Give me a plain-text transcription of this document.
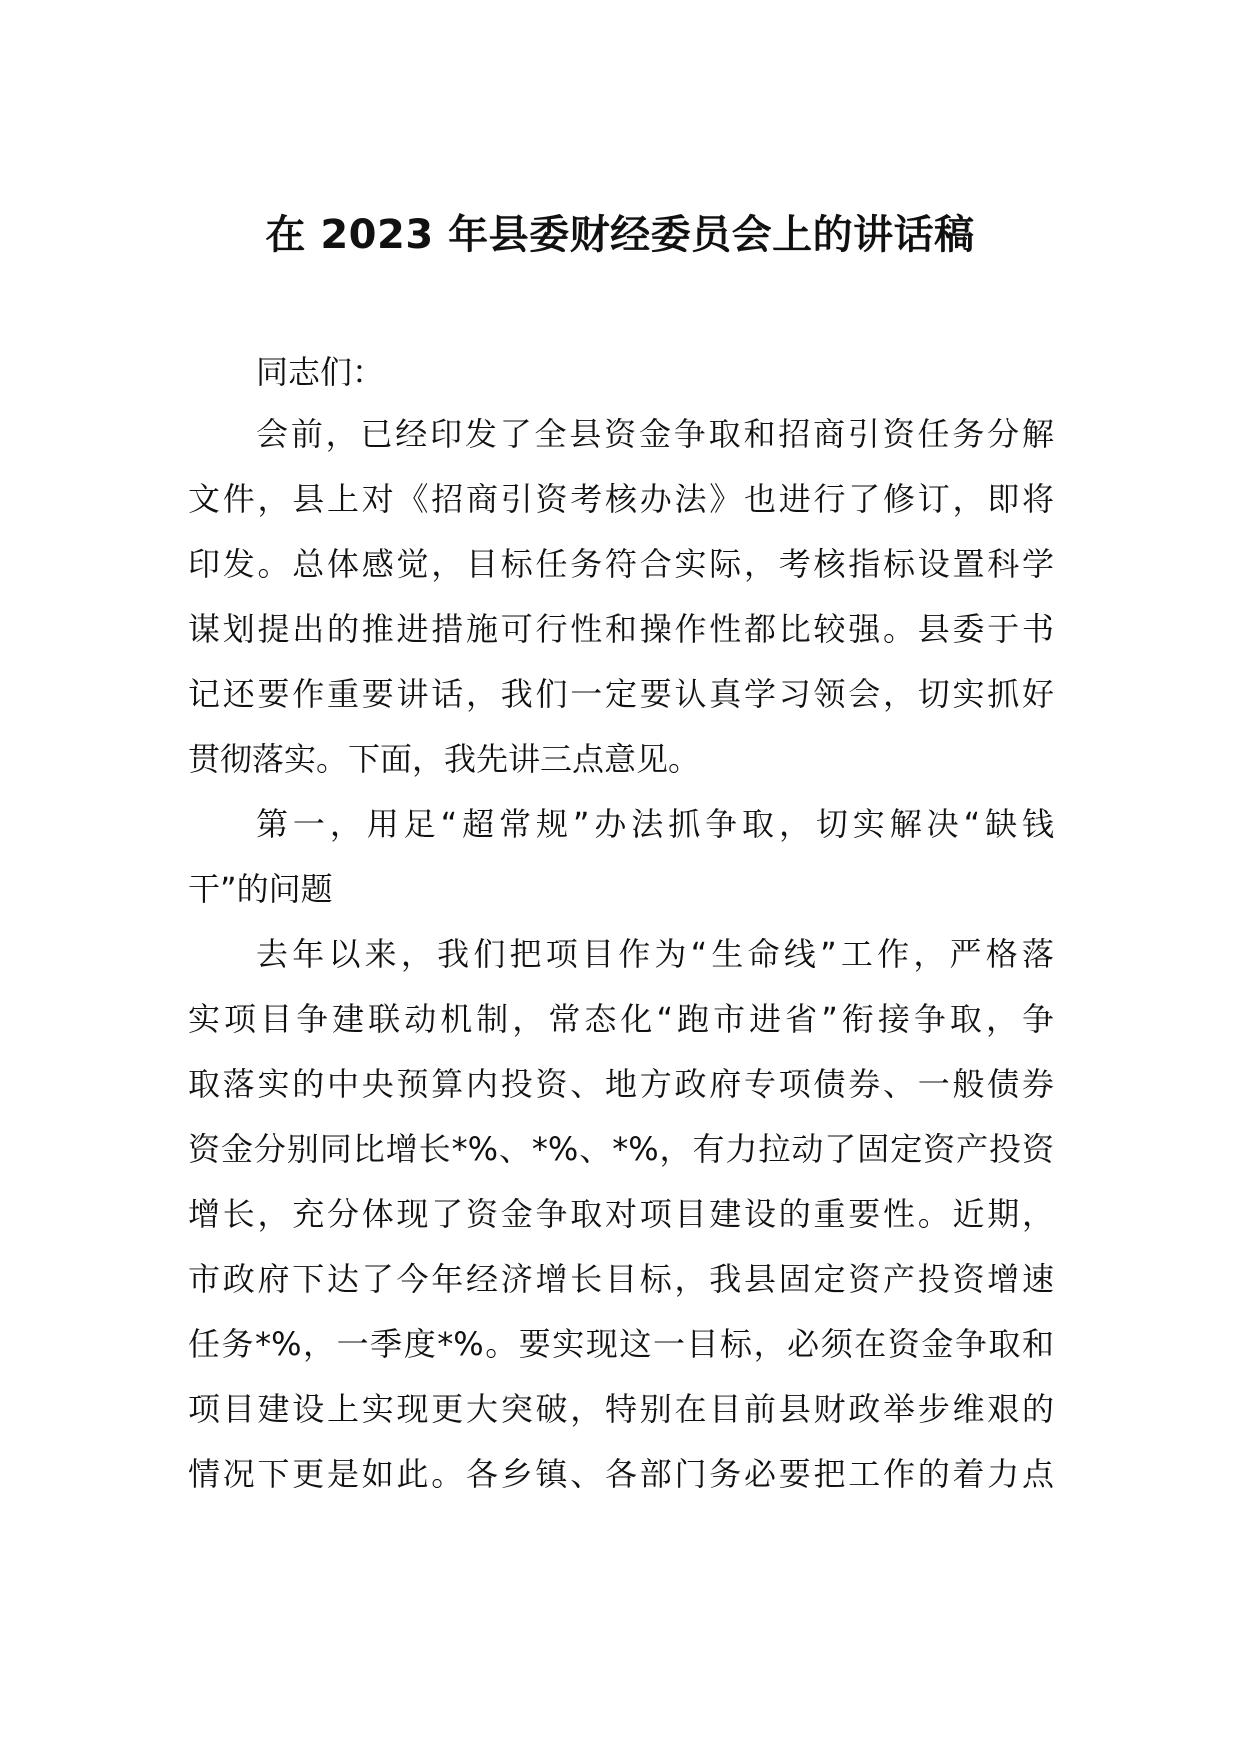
在 2023 年县委财经委员会上的讲话稿
同志们：
会前，已经印发了全县资金争取和招商引资任务分解
文件，县上对《招商引资考核办法》也进行了修订，即将
印发。总体感觉，目标任务符合实际，考核指标设置科学
谋划提出的推进措施可行性和操作性都比较强。县委于书
记还要作重要讲话，我们一定要认真学习领会，切实抓好
贯彻落实。下面，我先讲三点意见。
第一，用足“超常规”办法抓争取，切实解决“缺钱
干”的问题
去年以来，我们把项目作为“生命线”工作，严格落
实项目争建联动机制，常态化“跑市进省”衔接争取，争
取落实的中央预算内投资、地方政府专项债券、一般债券
资金分别同比增长*%、*%、*%，有力拉动了固定资产投资
增长，充分体现了资金争取对项目建设的重要性。近期，
市政府下达了今年经济增长目标，我县固定资产投资增速
任务*%，一季度*%。要实现这一目标，必须在资金争取和
项目建设上实现更大突破，特别在目前县财政举步维艰的
情况下更是如此。各乡镇、各部门务必要把工作的着力点
